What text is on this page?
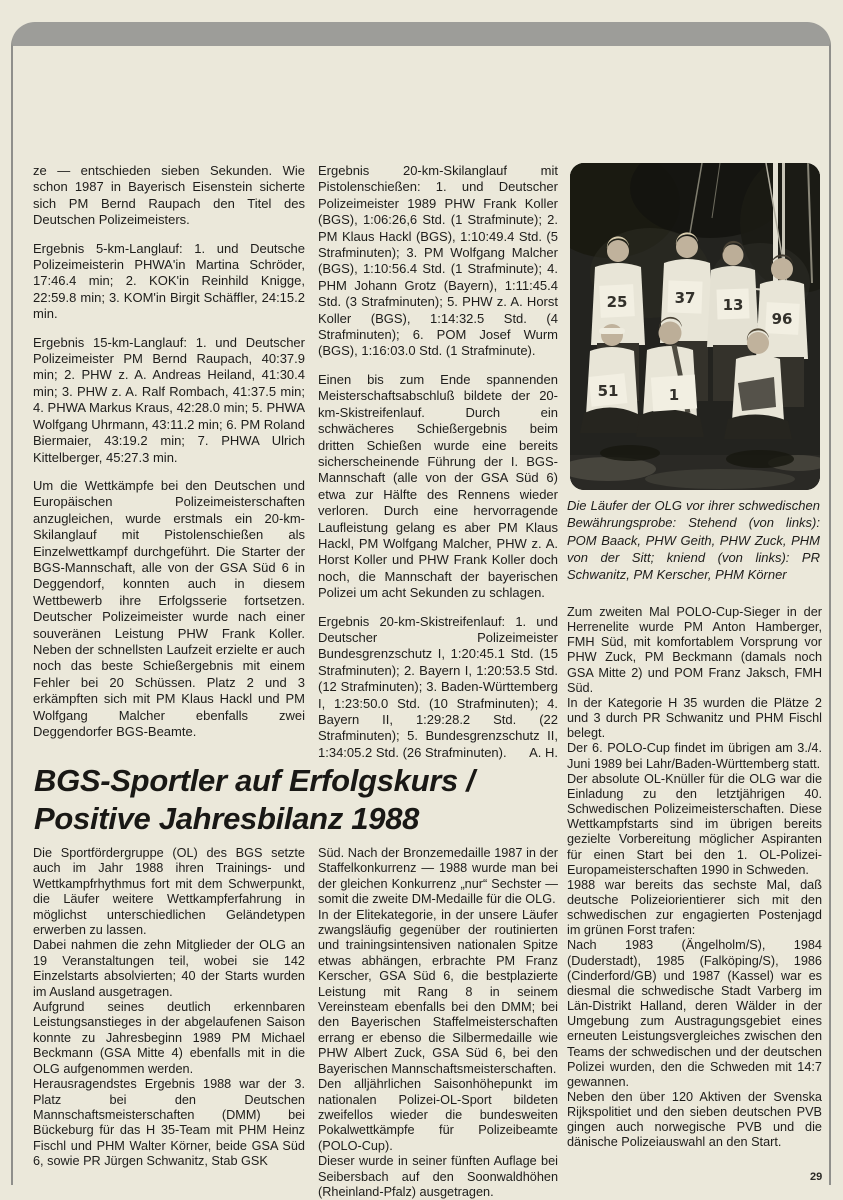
ze — entschieden sieben Sekunden. Wie schon 1987 in Bayerisch Eisenstein sicherte sich PM Bernd Raupach den Titel des Deutschen Polizeimeisters.

Ergebnis 5-km-Langlauf: 1. und Deutsche Polizeimeisterin PHWA'in Martina Schröder, 17:46.4 min; 2. KOK'in Reinhild Knigge, 22:59.8 min; 3. KOM'in Birgit Schäffler, 24:15.2 min.

Ergebnis 15-km-Langlauf: 1. und Deutscher Polizeimeister PM Bernd Raupach, 40:37.9 min; 2. PHW z. A. Andreas Heiland, 41:30.4 min; 3. PHW z. A. Ralf Rombach, 41:37.5 min; 4. PHWA Markus Kraus, 42:28.0 min; 5. PHWA Wolfgang Uhrmann, 43:11.2 min; 6. PM Roland Biermaier, 43:19.2 min; 7. PHWA Ulrich Kittelberger, 45:27.3 min.

Um die Wettkämpfe bei den Deutschen und Europäischen Polizeimeisterschaften anzugleichen, wurde erstmals ein 20-km-Skilanglauf mit Pistolenschießen als Einzelwettkampf durchgeführt. Die Starter der BGS-Mannschaft, alle von der GSA Süd 6 in Deggendorf, konnten auch in diesem Wettbewerb ihre Erfolgsserie fortsetzen. Deutscher Polizeimeister wurde nach einer souveränen Leistung PHW Frank Koller. Neben der schnellsten Laufzeit erzielte er auch noch das beste Schießergebnis mit einem Fehler bei 20 Schüssen. Platz 2 und 3 erkämpften sich mit PM Klaus Hackl und PM Wolfgang Malcher ebenfalls zwei Deggendorfer BGS-Beamte.

Ergebnis 20-km-Skilanglauf mit Pistolenschießen: 1. und Deutscher Polizeimeister 1989 PHW Frank Koller (BGS), 1:06:26,6 Std. (1 Strafminute); 2. PM Klaus Hackl (BGS), 1:10:49.4 Std. (5 Strafminuten); 3. PM Wolfgang Malcher (BGS), 1:10:56.4 Std. (1 Strafminute); 4. PHM Johann Grotz (Bayern), 1:11:45.4 Std. (3 Strafminuten); 5. PHW z. A. Horst Koller (BGS), 1:14:32.5 Std. (4 Strafminuten); 6. POM Josef Wurm (BGS), 1:16:03.0 Std. (1 Strafminute).

Einen bis zum Ende spannenden Meisterschaftsabschluß bildete der 20-km-Skistreifenlauf. Durch ein schwächeres Schießergebnis beim dritten Schießen wurde eine bereits sicherscheinende Führung der I. BGS-Mannschaft (alle von der GSA Süd 6) etwa zur Hälfte des Rennens wieder verloren. Durch eine hervorragende Laufleistung gelang es aber PM Klaus Hackl, PM Wolfgang Malcher, PHW z. A. Horst Koller und PHW Frank Koller doch noch, die Mannschaft der bayerischen Polizei um acht Sekunden zu schlagen.

Ergebnis 20-km-Skistreifenlauf: 1. und Deutscher Polizeimeister Bundesgrenzschutz I, 1:20:45.1 Std. (15 Strafminuten); 2. Bayern I, 1:20:53.5 Std. (12 Strafminuten); 3. Baden-Württemberg I, 1:23:50.0 Std. (10 Strafminuten); 4. Bayern II, 1:29:28.2 Std. (22 Strafminuten); 5. Bundesgrenzschutz II, 1:34:05.2 Std. (26 Strafminuten).	A. H.
25	37 13
96
51	1
Die Läufer der OLG vor ihrer schwedischen Bewährungsprobe: Stehend (von links): POM Baack, PHW Geith, PHW Zuck, PHM von der Sitt; kniend (von links): PR Schwanitz, PM Kerscher, PHM Körner
BGS-Sportler auf Erfolgskurs /
Positive Jahresbilanz 1988

Die Sportfördergruppe (OL) des BGS setzte auch im Jahr 1988 ihren Trainings- und Wettkampfrhythmus fort mit dem Schwerpunkt, die Läufer weitere Wettkampferfahrung in möglichst unterschiedlichen Geländetypen erwerben zu lassen.

Dabei nahmen die zehn Mitglieder der OLG an 19 Veranstaltungen teil, wobei sie 142 Einzelstarts absolvierten; 40 der Starts wurden im Ausland ausgetragen.

Aufgrund seines deutlich erkennbaren Leistungsanstieges in der abgelaufenen Saison konnte zu Jahresbeginn 1989 PM Michael Beckmann (GSA Mitte 4) ebenfalls mit in die OLG aufgenommen werden.

Herausragendstes Ergebnis 1988 war der 3. Platz bei den Deutschen Mannschaftsmeisterschaften (DMM) bei Bückeburg für das H 35-Team mit PHM Heinz Fischl und PHM Walter Körner, beide GSA Süd 6, sowie PR Jürgen Schwanitz, Stab GSK

Süd. Nach der Bronzemedaille 1987 in der Staffelkonkurrenz — 1988 wurde man bei der gleichen Konkurrenz „nur“ Sechster — somit die zweite DM-Medaille für die OLG.

In der Elitekategorie, in der unsere Läufer zwangsläufig gegenüber der routinierten und trainingsintensiven nationalen Spitze etwas abhängen, erbrachte PM Franz Kerscher, GSA Süd 6, die bestplazierte Leistung mit Rang 8 in seinem Vereinsteam ebenfalls bei den DMM; bei den Bayerischen Staffelmeisterschaften errang er ebenso die Silbermedaille wie PHW Albert Zuck, GSA Süd 6, bei den Bayerischen Mannschaftsmeisterschaften.

Den alljährlichen Saisonhöhepunkt im nationalen Polizei-OL-Sport bildeten zweifellos wieder die bundesweiten Pokalwettkämpfe für Polizeibeamte (POLO-Cup).

Dieser wurde in seiner fünften Auflage bei Seibersbach auf den Soonwaldhöhen (Rheinland-Pfalz) ausgetragen.

Zum zweiten Mal POLO-Cup-Sieger in der Herrenelite wurde PM Anton Hamberger, FMH Süd, mit komfortablem Vorsprung vor PHW Zuck, PM Beckmann (damals noch GSA Mitte 2) und POM Franz Jaksch, FMH Süd.

In der Kategorie H 35 wurden die Plätze 2 und 3 durch PR Schwanitz und PHM Fischl belegt.

Der 6. POLO-Cup findet im übrigen am 3./4. Juni 1989 bei Lahr/Baden-Württemberg statt.

Der absolute OL-Knüller für die OLG war die Einladung zu den letztjährigen 40. Schwedischen Polizeimeisterschaften. Diese Wettkampfstarts sind im übrigen bereits gezielte Vorbereitung möglicher Aspiranten für einen Start bei den 1. OL-Polizei-Europameisterschaften 1990 in Schweden.

1988 war bereits das sechste Mal, daß deutsche Polizeiorientierer sich mit den schwedischen zur engagierten Postenjagd im grünen Forst trafen:

Nach 1983 (Ängelholm/S), 1984 (Duderstadt), 1985 (Falköping/S), 1986 (Cinderford/GB) und 1987 (Kassel) war es diesmal die schwedische Stadt Varberg im Län-Distrikt Halland, deren Wälder in der Umgebung zum Austragungsgebiet eines erneuten Leistungsvergleiches zwischen den Teams der schwedischen und der deutschen Polizei wurden, den die Schweden mit 14:7 gewannen.

Neben den über 120 Aktiven der Svenska Rijkspolitiet und den sieben deutschen PVB gingen auch norwegische PVB und die dänische Polizeiauswahl an den Start.

29
